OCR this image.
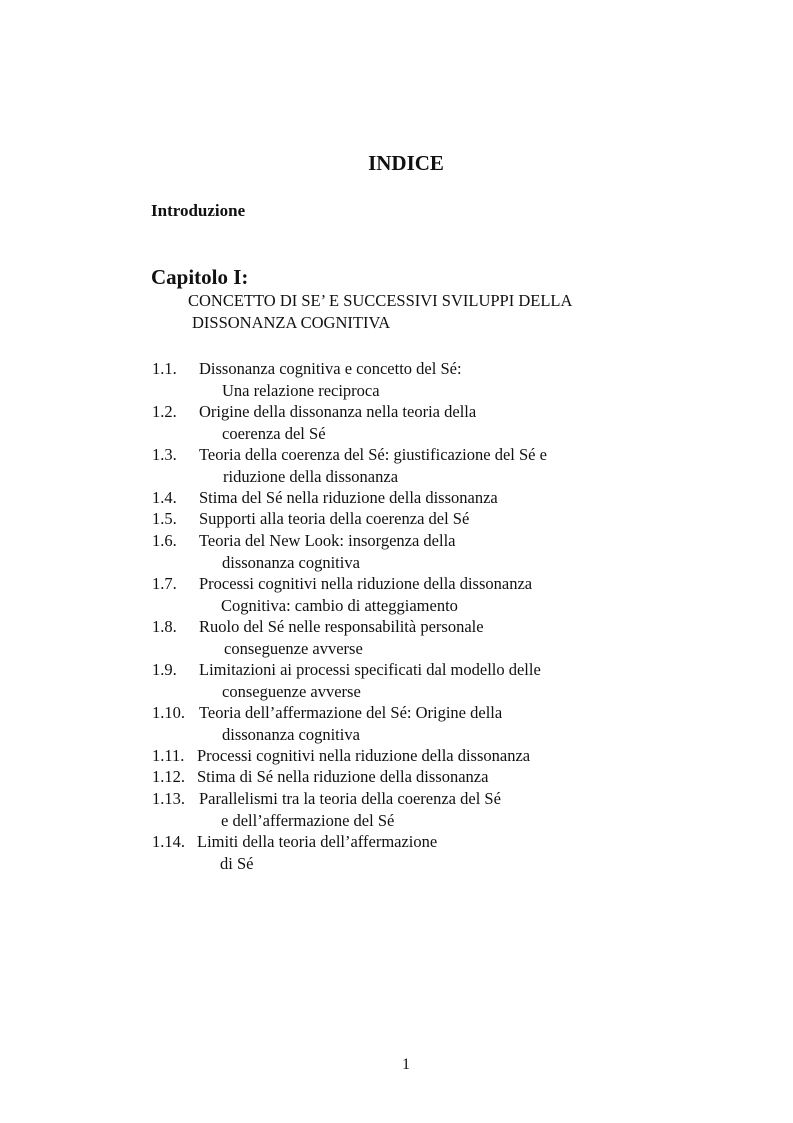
INDICE
Introduzione
Capitolo I:
CONCETTO DI SE’ E SUCCESSIVI SVILUPPI DELLA
DISSONANZA COGNITIVA
1.1. Dissonanza cognitiva e concetto del Sé:
Una relazione reciproca
1.2. Origine della dissonanza nella teoria della
coerenza del Sé
1.3. Teoria della coerenza del Sé: giustificazione del Sé e
riduzione della dissonanza
1.4. Stima del Sé nella riduzione della dissonanza
1.5. Supporti alla teoria della coerenza del Sé
1.6. Teoria del New Look: insorgenza della
dissonanza cognitiva
1.7. Processi cognitivi nella riduzione della dissonanza
Cognitiva: cambio di atteggiamento
1.8. Ruolo del Sé nelle responsabilità personale
conseguenze avverse
1.9. Limitazioni ai processi specificati dal modello delle
conseguenze avverse
1.10. Teoria dell’affermazione del Sé: Origine della
dissonanza cognitiva
1.11. Processi cognitivi nella riduzione della dissonanza
1.12. Stima di Sé nella riduzione della dissonanza
1.13. Parallelismi tra la teoria della coerenza del Sé
e dell’affermazione del Sé
1.14. Limiti della teoria dell’affermazione
di Sé
1
